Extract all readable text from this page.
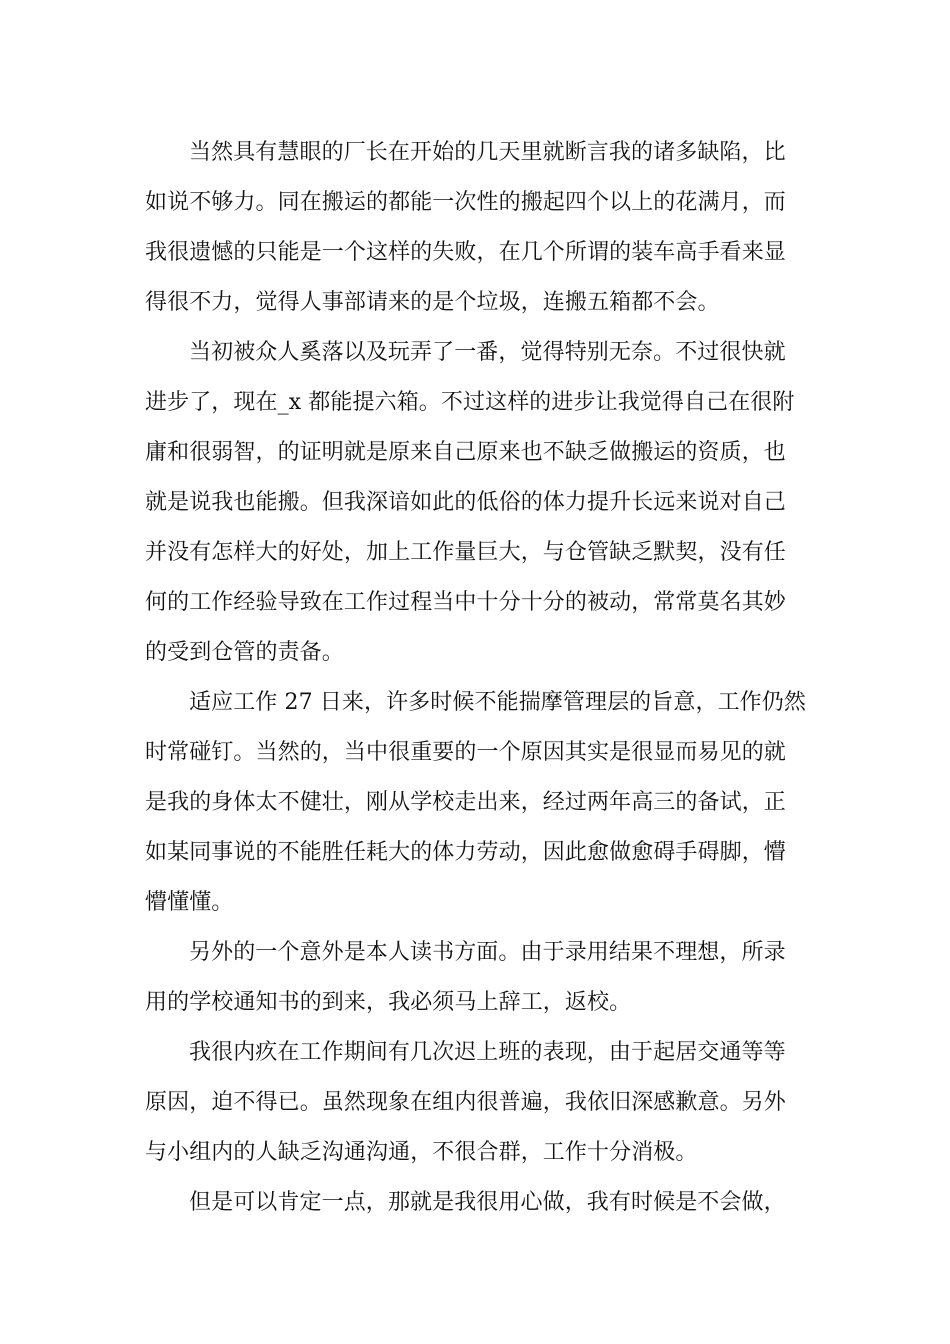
当然具有慧眼的厂长在开始的几天里就断言我的诸多缺陷，比
如说不够力。同在搬运的都能一次性的搬起四个以上的花满月，而
我很遗憾的只能是一个这样的失败，在几个所谓的装车高手看来显
得很不力，觉得人事部请来的是个垃圾，连搬五箱都不会。

当初被众人奚落以及玩弄了一番，觉得特别无奈。不过很快就
进步了，现在_x 都能提六箱。不过这样的进步让我觉得自己在很附
庸和很弱智，的证明就是原来自己原来也不缺乏做搬运的资质，也
就是说我也能搬。但我深谙如此的低俗的体力提升长远来说对自己
并没有怎样大的好处，加上工作量巨大，与仓管缺乏默契，没有任
何的工作经验导致在工作过程当中十分十分的被动，常常莫名其妙
的受到仓管的责备。

适应工作 27 日来，许多时候不能揣摩管理层的旨意，工作仍然
时常碰钉。当然的，当中很重要的一个原因其实是很显而易见的就
是我的身体太不健壮，刚从学校走出来，经过两年高三的备试，正
如某同事说的不能胜任耗大的体力劳动，因此愈做愈碍手碍脚，懵
懵懂懂。

另外的一个意外是本人读书方面。由于录用结果不理想，所录
用的学校通知书的到来，我必须马上辞工，返校。

我很内疚在工作期间有几次迟上班的表现，由于起居交通等等
原因，迫不得已。虽然现象在组内很普遍，我依旧深感歉意。另外
与小组内的人缺乏沟通沟通，不很合群，工作十分消极。

但是可以肯定一点，那就是我很用心做，我有时候是不会做，
